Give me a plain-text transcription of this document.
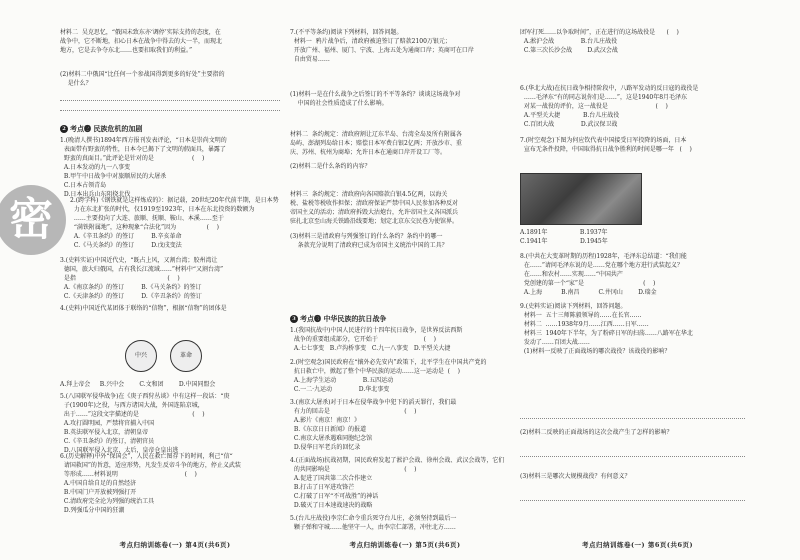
密
材料二  吴克思忆，“俄国未致东亦‘调停’实际支持的态度，在
战争中，它不断地，扣心日本在战争中得去的大一半，而现北
地方，它是去争夺东北……也要扣取我们的利益。”
(2)材料二中俄国“比任何一个参战国得到更多的好处”主要指的
是什么？
2 考点❷ 民族危机的加剧
1.(晚清人撰书)1894年西方报刊发表评论，“日本是崇尚文明的
表面带有野蛮的特性，日本今已揭下了文明的假面具，暴露了
野蛮的真面目。”此评论是针对的是                    (    )
A.日本发动的九一八事变
B.甲午中日战争中对旅顺居民的大屠杀
C.日本占领青岛
D.日本出兵山东阻挠北伐
2.(跨学科)《钢铁就是这样炼成的》：据记载，20世纪20年代前半期，是日本势
力在东北扩张的时代，仅1919至1923年，日本在东北投资的数额为
……主要投向了大连、旅顺、抚顺、鞍山、本溪……至于
“满铁附属地”，这种现象“合法化”因为                (    )
A.《辛丑条约》的签订         B.辛亥革命
C.《马关条约》的签订         D.戊戌变法
3.(史料实证)中国近代史，“既占上风，又割台湾；胶州湾让
德国，旅大归俄国，占有我长江流域……”材料中“又割台湾”
是指                                                (    )
A.《南京条约》的签订         B.《马关条约》的签订
C.《天津条约》的签订         D.《辛丑条约》的签订
4.(史料)中国近代某团体于联络的“信物”，根据“信物”的团体是
中兴	革命
A.拜上帝会     B.兴中会        C.文和团        D.中国同盟会
5.(八国联军侵华战争)在《庚子西狩丛谈》中有这样一段话：“庚
子(1900年)之役，与西方诸国大战，外国连陷京城，
出于……”这段文字描述的是                            (    )
A.攻打圆明园，严禁将官捕入中国
B.英法联军侵入北京，清朝皇帝
C.《辛丑条约》的签订，清朝官员
D.八国联军侵入北京，太后，皇帝仓皇出逃
6.(历史解释)中外“保国会”，人民在救亡图存下的时间，利己“信“
请国救国”的旨意，适应形势，凡发生反帝斗争的地方，停止义武装
等形成……材料说明                                   (    )
A.中国自给自足的自然经济
B.中国门户开放被列强打开
C.清政府完全沦为列强的统治工具
D.列强瓜分中国的狂潮
考点归纳训练卷(一) 第4页(共6页)
7.(不平等条约)阅读下列材料，回答问题。
材料一  鸦片战争后，清政府被迫签订了赔款2100万银元；
开放广州、福州、厦门、宁波、上海五处为通商口岸；英商可在口岸
自由贸易……
(1)材料一是在什么战争之后签订的不平等条约？谈谈这场战争对
中国的社会性质造成了什么影响。
材料二  条约规定：清政府割让辽东半岛、台湾全岛及所有附属各
岛屿、澎湖列岛给日本；赔偿日本军费白银2亿两；开放沙市、重
庆、苏州、杭州为商埠；允许日本在通商口岸开设工厂等。
(2)材料二是什么条约的内容？
材料三  条约规定：清政府向各国赔款白银4.5亿两，以海关
税、盐税等税收作担保；清政府保证严禁中国人民参加各种反对
帝国主义的活动；清政府拆毁大沽炮台，允许帝国主义各国派兵
驻扎北京至山海关铁路沿线要地；划定北京东交民巷为使馆界。
(3)材料三是清政府与列强签订的什么条约？条约中的哪一
条款充分说明了清政府已成为帝国主义统治中国的工具？
3 考点❸ 中华民族的抗日战争
1.(我国抗战中)中国人民进行的十四年抗日战争，是世界反法西斯
战争的重要组成部分，它开始于                        (    )
A.七七事变   B.卢沟桥事变   C.九一八事变   D.平型关大捷
2.(时空观念)国民政府在“攘外必先安内”政策下，北平学生在中国共产党的
抗日救亡中，掀起了整个中华民族的运动……这一运动是  (    )
A.上海学生运动              B.五四运动
C.一二·九运动              D.华北事变
3.(南京大屠杀)对于日本在侵华战争中犯下的滔天罪行，我们最
有力的回击是                                       (    )
A.影片《南京！南京！》
B.《东京日日新闻》的报道
C.南京大屠杀遇难同胞纪念馆
D.侵华日军老兵的回忆录
4.(正面战场)抗战初期，国民政府发起了淞沪会战、徐州会战、武汉会战等，它们
的共同影响是                                       (    )
A.促进了国共第二次合作建立
B.打击了日军进攻锋芒
C.打破了日军“不可战胜”的神话
D.破灭了日本速战速决的战略
5.(台儿庄战役)李宗仁命令重兵死守台儿庄，必须坚持到最后一
颗子弹和守城……他坚守一人，由李宗仁部署，冲往北方……
考点归纳训练卷(一) 第5页(共6页)
团军打死……以争取时间”，正在进行的这场战役是      (    )
A.淞沪会战              B.台儿庄战役
C.第三次长沙会战        D.武汉会战
6.(华北大战)在抗日战争相持阶段中，八路军发动的反日寇的战役是
……毛泽东“有的同志说你们是……”，这是1940年8月毛泽东
对某一战役的评价，这一战役是                         (    )
A.平型关大捷            B.台儿庄战役
C.百团大战              D.武汉保卫战
7.(时空观念)下图为何应钦代表中国接受日军投降的场面，日本
宣布无条件投降，中国取得抗日战争胜利的时间是哪一年   (    )
A.1891年                 B.1937年
C.1941年                 D.1945年
8.(中共在大变革时期的历程)1928年，毛泽东总结道：“我们能
在……”请问毛泽东说的是……党在哪个地方进行武装起义？
在……和农村……实现……“中国共产
党创建的第一个“家”是                               (    )
A.上海          B.南昌          C.井冈山        D.瑞金
9.(史料实证)阅读下列材料，回答问题。
材料一  五十三师陈毅领导的……在长官……
材料二  ……1938年9月……江西……日军……
材料三  1940年下半年，为了粉碎日军的扫荡……八路军在华北
发动了……百团大战……
(1)材料一反映了正面战场的哪次战役？该战役的影响？
(2)材料二反映的正面战场的这次会战产生了怎样的影响？
(3)材料三是哪次大规模战役？有何意义？
考点归纳训练卷(一) 第6页(共6页)
